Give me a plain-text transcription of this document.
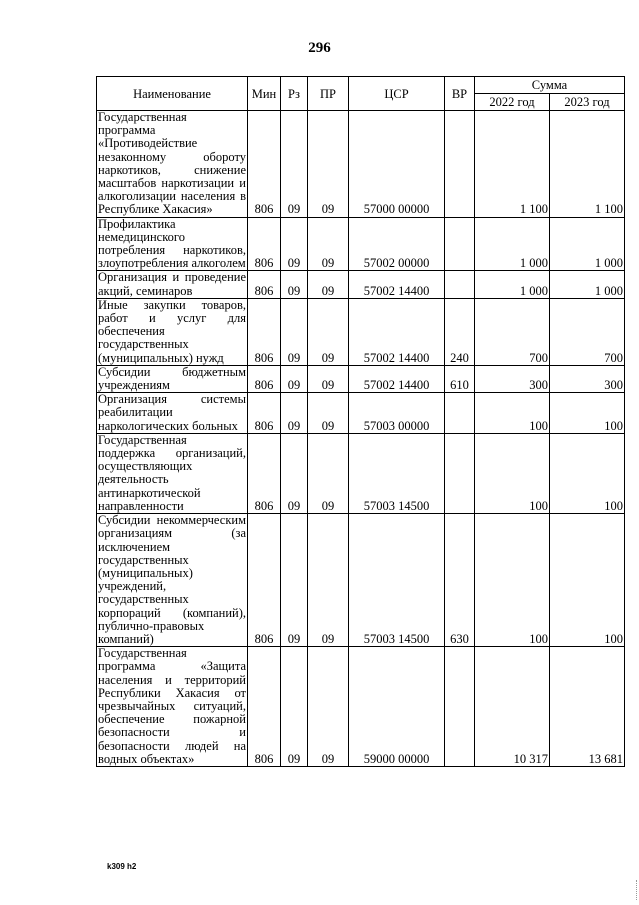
296
Наименование	Мин	Рз	ПР	ЦСР	ВР	Сумма	
						2022 год	2023 год
Государственная программа «Противодействие незаконному обороту наркотиков, снижение масштабов наркотизации и алкоголизации населения в Республике Хакасия»	806	09	09	57000 00000		1 100	1 100
Профилактика немедицинского потребления наркотиков, злоупотребления алкоголем	806	09	09	57002 00000		1 000	1 000
Организация и проведение акций, семинаров	806	09	09	57002 14400		1 000	1 000
Иные закупки товаров, работ и услуг для обеспечения государственных (муниципальных) нужд	806	09	09	57002 14400	240	700	700
Субсидии бюджетным учреждениям	806	09	09	57002 14400	610	300	300
Организация системы реабилитации наркологических больных	806	09	09	57003 00000		100	100
Государственная поддержка организаций, осуществляющих деятельность антинаркотической направленности	806	09	09	57003 14500		100	100
Субсидии некоммерческим организациям (за исключением государственных (муниципальных) учреждений, государственных корпораций (компаний), публично-правовых компаний)	806	09	09	57003 14500	630	100	100
Государственная программа «Защита населения и территорий Республики Хакасия от чрезвычайных ситуаций, обеспечение пожарной безопасности и безопасности людей на водных объектах»	806	09	09	59000 00000		10 317	13 681
k309 h2
